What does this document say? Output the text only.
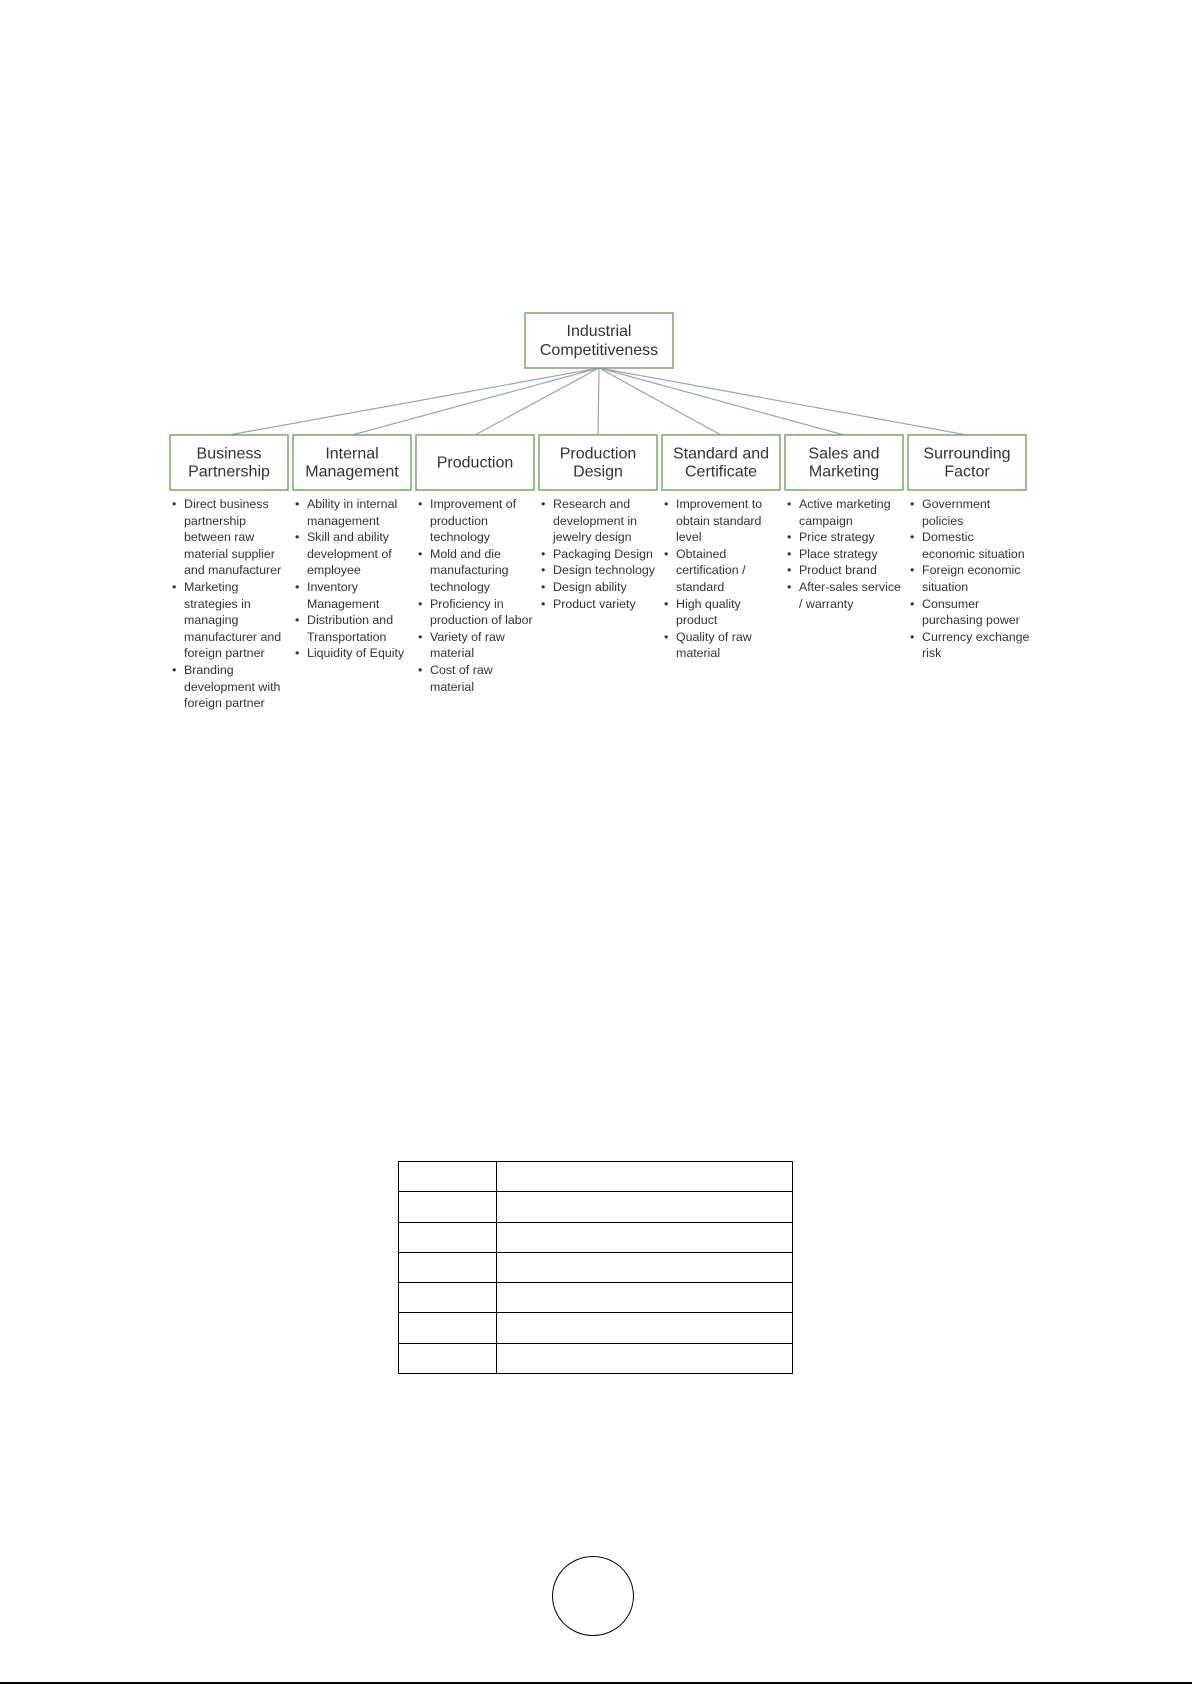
Industrial
Competitiveness
Business
Partnership
Internal
Management
Production
Production
Design
Standard and
Certificate
Sales and
Marketing
Surrounding
Factor
• Direct business partnership between raw material supplier and manufacturer
• Marketing strategies in managing manufacturer and foreign partner
• Branding development with foreign partner
• Ability in internal management
• Skill and ability development of employee
• Inventory Management
• Distribution and Transportation
• Liquidity of Equity
• Improvement of production technology
• Mold and die manufacturing technology
• Proficiency in production of labor
• Variety of raw material
• Cost of raw material
• Research and development in jewelry design
• Packaging Design
• Design technology
• Design ability
• Product variety
• Improvement to obtain standard level
• Obtained certification / standard
• High quality product
• Quality of raw material
• Active marketing campaign
• Price strategy
• Place strategy
• Product brand
• After-sales service / warranty
• Government policies
• Domestic economic situation
• Foreign economic situation
• Consumer purchasing power
• Currency exchange risk
